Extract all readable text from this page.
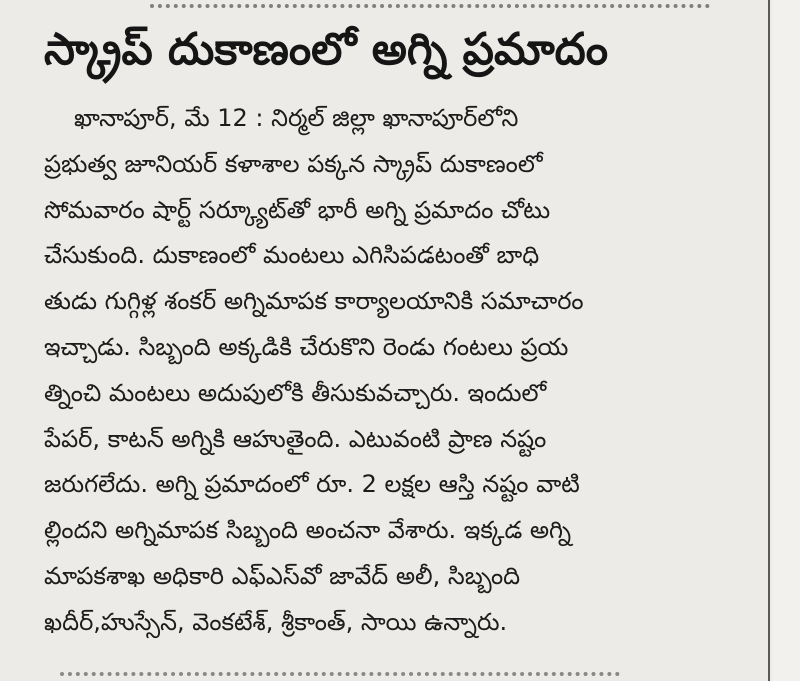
స్క్రాప్ దుకాణంలో అగ్ని ప్రమాదం
ఖానాపూర్, మే 12 : నిర్మల్ జిల్లా ఖానాపూర్‌లోని
ప్రభుత్వ జూనియర్ కళాశాల పక్కన స్క్రాప్ దుకాణంలో
సోమవారం షార్ట్ సర్క్యూట్‌తో భారీ అగ్ని ప్రమాదం చోటు
చేసుకుంది. దుకాణంలో మంటలు ఎగిసిపడటంతో బాధి
తుడు గుగ్గిళ్ల శంకర్ అగ్నిమాపక కార్యాలయానికి సమాచారం
ఇచ్చాడు. సిబ్బంది అక్కడికి చేరుకొని రెండు గంటలు ప్రయ
త్నించి మంటలు అదుపులోకి తీసుకువచ్చారు. ఇందులో
పేపర్, కాటన్ అగ్నికి ఆహుతైంది. ఎటువంటి ప్రాణ నష్టం
జరుగలేదు. అగ్ని ప్రమాదంలో రూ. 2 లక్షల ఆస్తి నష్టం వాటి
ల్లిందని అగ్నిమాపక సిబ్బంది అంచనా వేశారు. ఇక్కడ అగ్ని
మాపకశాఖ అధికారి ఎఫ్‌ఎస్‌వో జావేద్ అలీ, సిబ్బంది
ఖదీర్,హుస్సేన్, వెంకటేశ్, శ్రీకాంత్, సాయి ఉన్నారు.
